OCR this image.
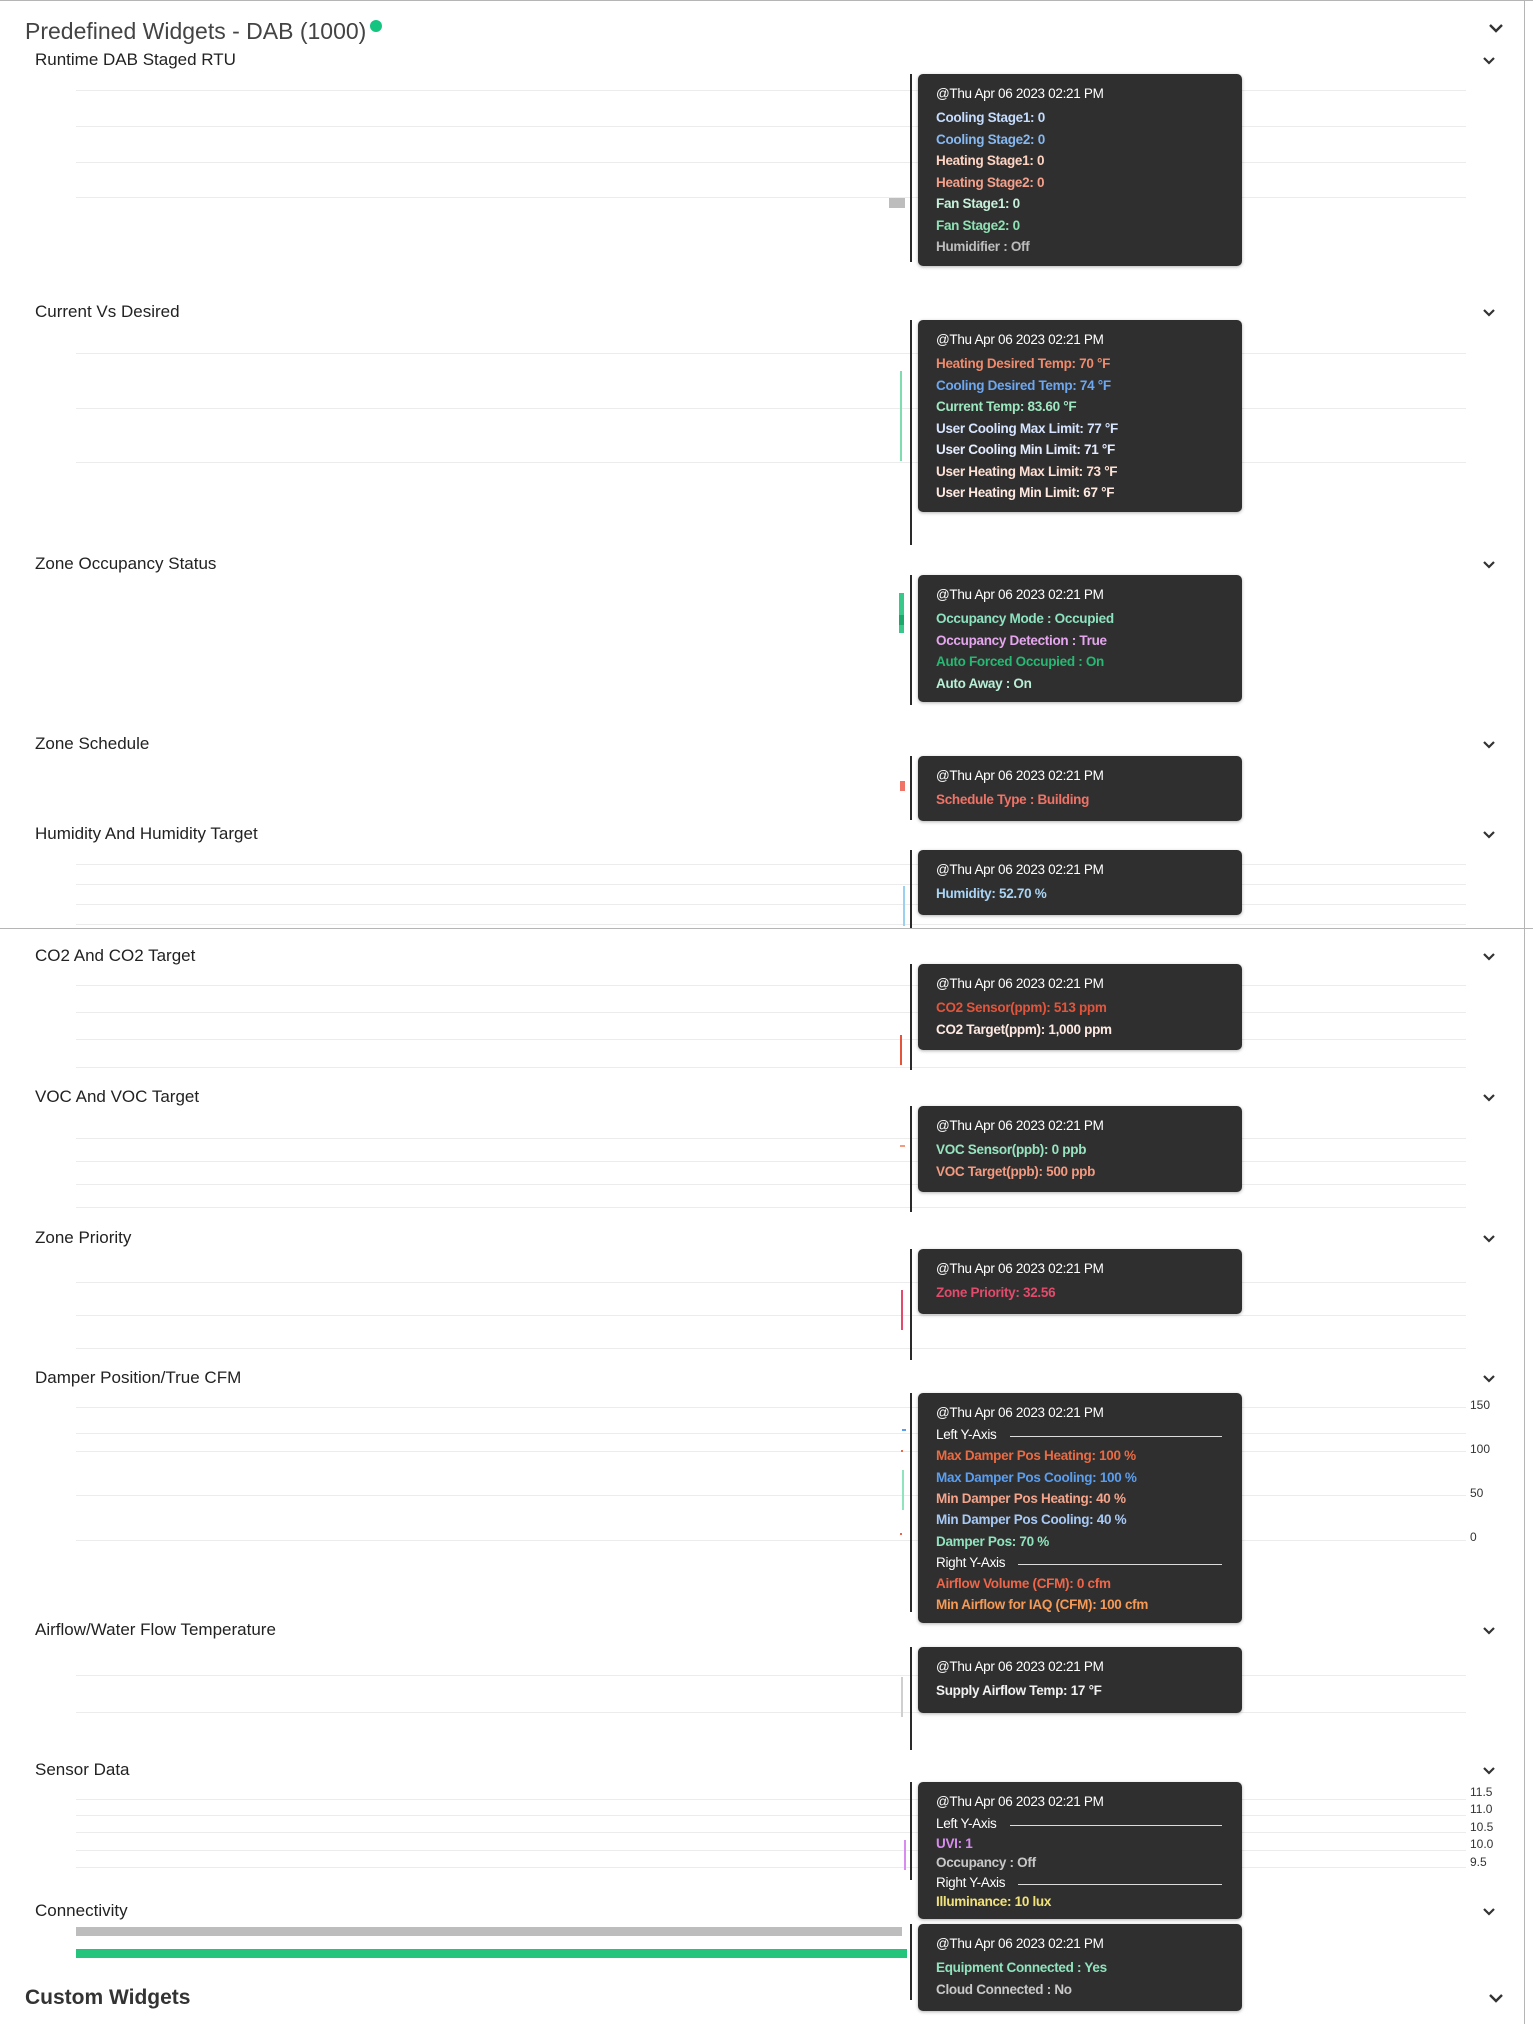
Predefined Widgets - DAB (1000)
Runtime DAB Staged RTU
@Thu Apr 06 2023 02:21 PM
Cooling Stage1: 0
Cooling Stage2: 0
Heating Stage1: 0
Heating Stage2: 0
Fan Stage1: 0
Fan Stage2: 0
Humidifier : Off
Current Vs Desired
@Thu Apr 06 2023 02:21 PM
Heating Desired Temp: 70 °F
Cooling Desired Temp: 74 °F
Current Temp: 83.60 °F
User Cooling Max Limit: 77 °F
User Cooling Min Limit: 71 °F
User Heating Max Limit: 73 °F
User Heating Min Limit: 67 °F
Zone Occupancy Status
@Thu Apr 06 2023 02:21 PM
Occupancy Mode : Occupied
Occupancy Detection : True
Auto Forced Occupied : On
Auto Away : On
Zone Schedule
@Thu Apr 06 2023 02:21 PM
Schedule Type : Building
Humidity And Humidity Target
@Thu Apr 06 2023 02:21 PM
Humidity: 52.70 %
CO2 And CO2 Target
@Thu Apr 06 2023 02:21 PM
CO2 Sensor(ppm): 513 ppm
CO2 Target(ppm): 1,000 ppm
VOC And VOC Target
@Thu Apr 06 2023 02:21 PM
VOC Sensor(ppb): 0 ppb
VOC Target(ppb): 500 ppb
Zone Priority
@Thu Apr 06 2023 02:21 PM
Zone Priority: 32.56
Damper Position/True CFM
150
100
50
0
@Thu Apr 06 2023 02:21 PM
Left Y-Axis
Max Damper Pos Heating: 100 %
Max Damper Pos Cooling: 100 %
Min Damper Pos Heating: 40 %
Min Damper Pos Cooling: 40 %
Damper Pos: 70 %
Right Y-Axis
Airflow Volume (CFM): 0 cfm
Min Airflow for IAQ (CFM): 100 cfm
Airflow/Water Flow Temperature
@Thu Apr 06 2023 02:21 PM
Supply Airflow Temp: 17 °F
Sensor Data
11.5
11.0
10.5
10.0
9.5
@Thu Apr 06 2023 02:21 PM
Left Y-Axis
UVI: 1
Occupancy : Off
Right Y-Axis
Illuminance: 10 lux
Connectivity
@Thu Apr 06 2023 02:21 PM
Equipment Connected : Yes
Cloud Connected : No
Custom Widgets
